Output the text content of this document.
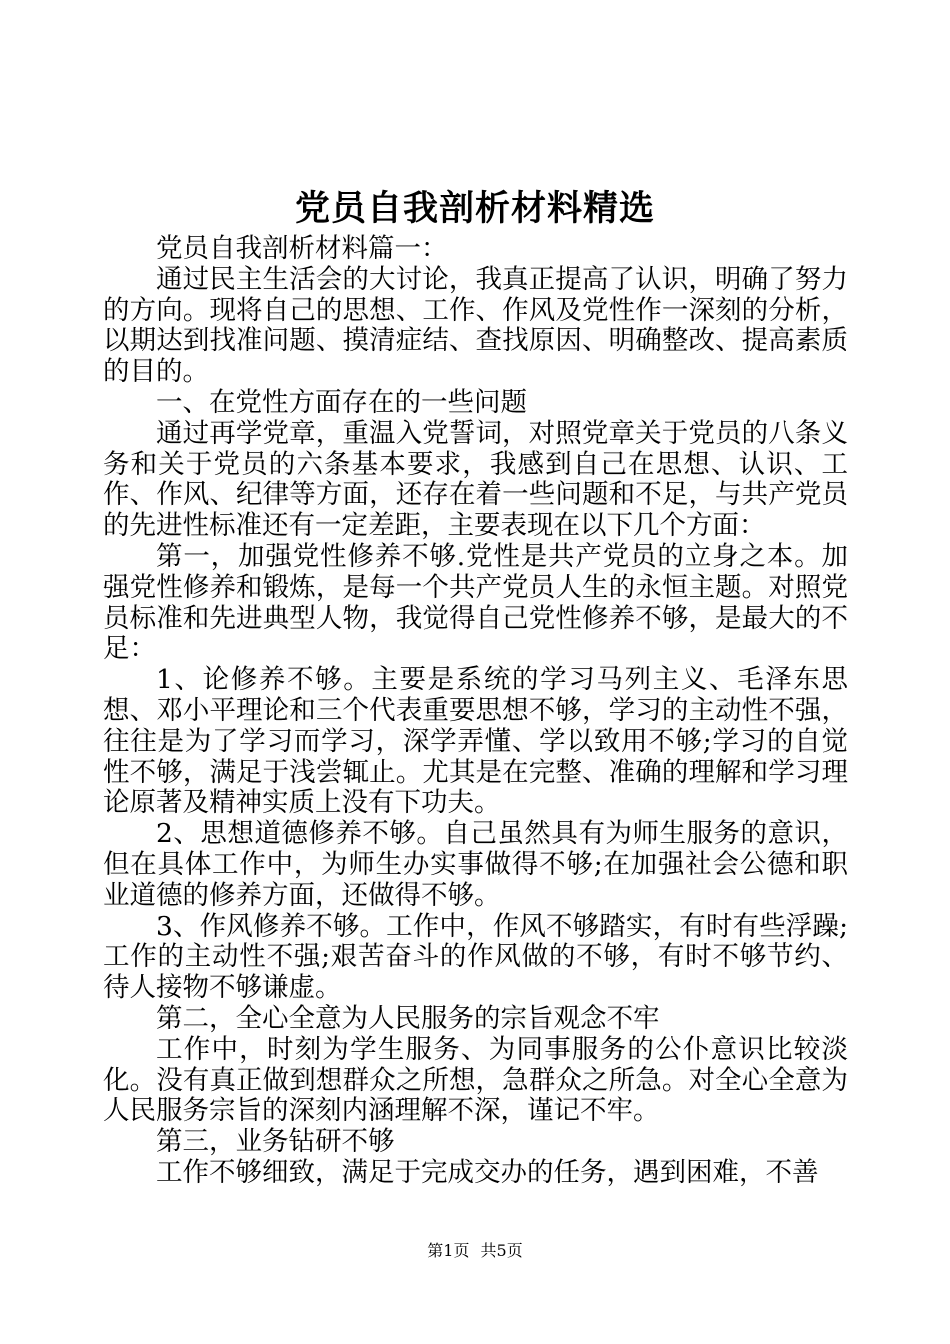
党员自我剖析材料精选

党员自我剖析材料篇一：

通过民主生活会的大讨论，我真正提高了认识，明确了努力的方向。现将自己的思想、工作、作风及党性作一深刻的分析，以期达到找准问题、摸清症结、查找原因、明确整改、提高素质的目的。

一、在党性方面存在的一些问题

通过再学党章，重温入党誓词，对照党章关于党员的八条义务和关于党员的六条基本要求，我感到自己在思想、认识、工作、作风、纪律等方面，还存在着一些问题和不足，与共产党员的先进性标准还有一定差距，主要表现在以下几个方面：

第一，加强党性修养不够.党性是共产党员的立身之本。加强党性修养和锻炼，是每一个共产党员人生的永恒主题。对照党员标准和先进典型人物，我觉得自己党性修养不够，是最大的不足：

1、论修养不够。主要是系统的学习马列主义、毛泽东思想、邓小平理论和三个代表重要思想不够，学习的主动性不强，往往是为了学习而学习，深学弄懂、学以致用不够;学习的自觉性不够，满足于浅尝辄止。尤其是在完整、准确的理解和学习理论原著及精神实质上没有下功夫。

2、思想道德修养不够。自己虽然具有为师生服务的意识，但在具体工作中，为师生办实事做得不够;在加强社会公德和职业道德的修养方面，还做得不够。

3、作风修养不够。工作中，作风不够踏实，有时有些浮躁;工作的主动性不强;艰苦奋斗的作风做的不够，有时不够节约、待人接物不够谦虚。

第二，全心全意为人民服务的宗旨观念不牢

工作中，时刻为学生服务、为同事服务的公仆意识比较淡化。没有真正做到想群众之所想，急群众之所急。对全心全意为人民服务宗旨的深刻内涵理解不深，谨记不牢。

第三，业务钻研不够

工作不够细致，满足于完成交办的任务，遇到困难，不善

第1页 共5页
